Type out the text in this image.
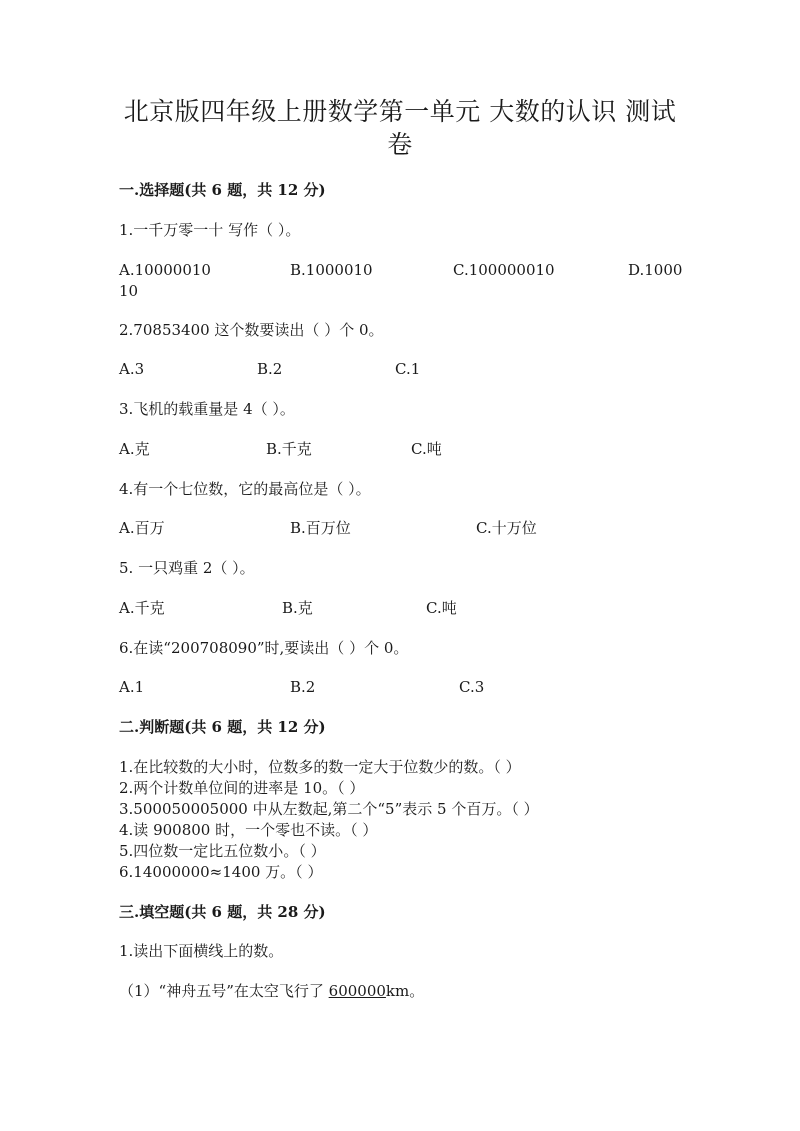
北京版四年级上册数学第一单元 大数的认识 测试
卷
一.选择题(共 6 题，共 12 分)
1.一千万零一十 写作（ ）。
A.10000010	B.1000010	C.100000010	D.1000
10
2.70853400 这个数要读出（ ）个 0。
A.3	B.2	C.1
3.飞机的载重量是 4（ ）。
A.克	B.千克	C.吨
4.有一个七位数，它的最高位是（ ）。
A.百万	B.百万位	C.十万位
5. 一只鸡重 2（ ）。
A.千克	B.克	C.吨
6.在读“200708090”时,要读出（ ）个 0。
A.1	B.2	C.3
二.判断题(共 6 题，共 12 分)
1.在比较数的大小时，位数多的数一定大于位数少的数。（ ）
2.两个计数单位间的进率是 10。（ ）
3.500050005000 中从左数起,第二个“5”表示 5 个百万。（ ）
4.读 900800 时，一个零也不读。（ ）
5.四位数一定比五位数小。（ ）
6.14000000≈1400 万。（ ）
三.填空题(共 6 题，共 28 分)
1.读出下面横线上的数。
（1）“神舟五号”在太空飞行了 600000km。
